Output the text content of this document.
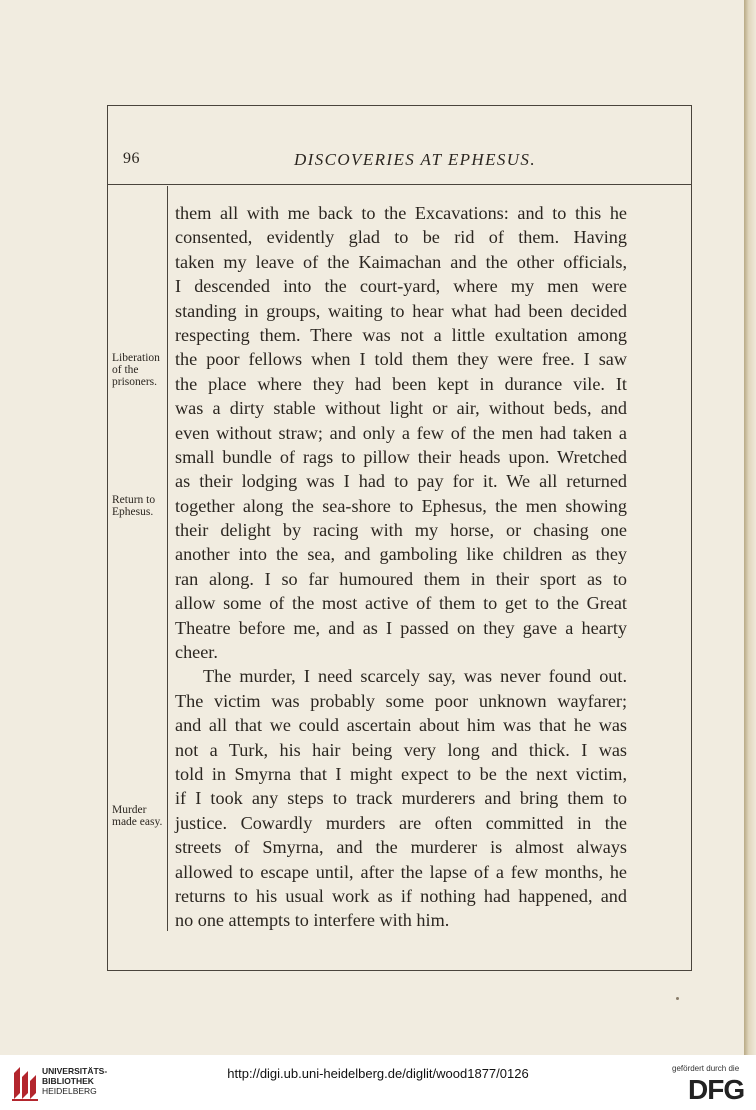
96	DISCOVERIES AT EPHESUS.
Liberation
of the
prisoners.
Return to
Ephesus.
Murder
made easy.
them all with me back to the Excavations: and to this he
consented, evidently glad to be rid of them. Having
taken my leave of the Kaimachan and the other officials,
I descended into the court-yard, where my men were
standing in groups, waiting to hear what had been decided
respecting them. There was not a little exultation among
the poor fellows when I told them they were free. I saw
the place where they had been kept in durance vile. It
was a dirty stable without light or air, without beds, and
even without straw; and only a few of the men had taken a
small bundle of rags to pillow their heads upon. Wretched
as their lodging was I had to pay for it. We all returned
together along the sea-shore to Ephesus, the men showing
their delight by racing with my horse, or chasing one
another into the sea, and gamboling like children as they
ran along. I so far humoured them in their sport as to
allow some of the most active of them to get to the Great
Theatre before me, and as I passed on they gave a hearty
cheer.
The murder, I need scarcely say, was never found out.
The victim was probably some poor unknown wayfarer;
and all that we could ascertain about him was that he was
not a Turk, his hair being very long and thick. I was
told in Smyrna that I might expect to be the next victim,
if I took any steps to track murderers and bring them to
justice. Cowardly murders are often committed in the
streets of Smyrna, and the murderer is almost always
allowed to escape until, after the lapse of a few months, he
returns to his usual work as if nothing had happened, and
no one attempts to interfere with him.
UNIVERSITÄTS-
BIBLIOTHEK
HEIDELBERG
http://digi.ub.uni-heidelberg.de/diglit/wood1877/0126	gefördert durch die
DFG
